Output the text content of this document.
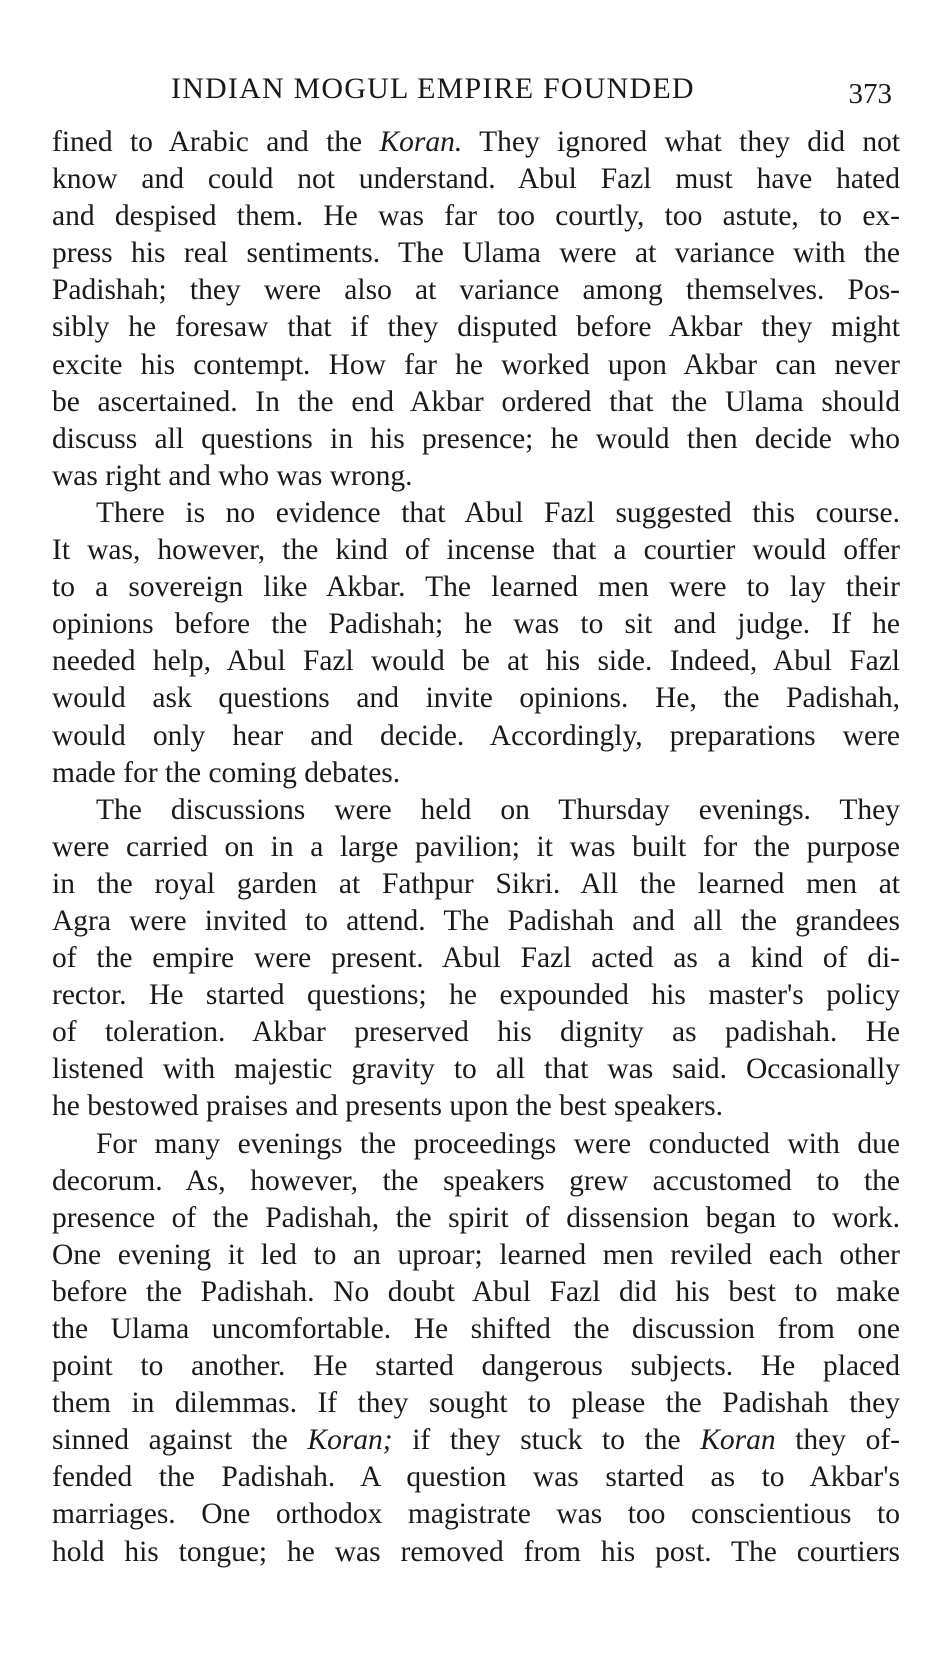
INDIAN MOGUL EMPIRE FOUNDED	373
fined to Arabic and the Koran. They ignored what they did not
know and could not understand. Abul Fazl must have hated
and despised them. He was far too courtly, too astute, to ex-
press his real sentiments. The Ulama were at variance with the
Padishah; they were also at variance among themselves. Pos-
sibly he foresaw that if they disputed before Akbar they might
excite his contempt. How far he worked upon Akbar can never
be ascertained. In the end Akbar ordered that the Ulama should
discuss all questions in his presence; he would then decide who
was right and who was wrong.
There is no evidence that Abul Fazl suggested this course.
It was, however, the kind of incense that a courtier would offer
to a sovereign like Akbar. The learned men were to lay their
opinions before the Padishah; he was to sit and judge. If he
needed help, Abul Fazl would be at his side. Indeed, Abul Fazl
would ask questions and invite opinions. He, the Padishah,
would only hear and decide. Accordingly, preparations were
made for the coming debates.
The discussions were held on Thursday evenings. They
were carried on in a large pavilion; it was built for the purpose
in the royal garden at Fathpur Sikri. All the learned men at
Agra were invited to attend. The Padishah and all the grandees
of the empire were present. Abul Fazl acted as a kind of di-
rector. He started questions; he expounded his master's policy
of toleration. Akbar preserved his dignity as padishah. He
listened with majestic gravity to all that was said. Occasionally
he bestowed praises and presents upon the best speakers.
For many evenings the proceedings were conducted with due
decorum. As, however, the speakers grew accustomed to the
presence of the Padishah, the spirit of dissension began to work.
One evening it led to an uproar; learned men reviled each other
before the Padishah. No doubt Abul Fazl did his best to make
the Ulama uncomfortable. He shifted the discussion from one
point to another. He started dangerous subjects. He placed
them in dilemmas. If they sought to please the Padishah they
sinned against the Koran; if they stuck to the Koran they of-
fended the Padishah. A question was started as to Akbar's
marriages. One orthodox magistrate was too conscientious to
hold his tongue; he was removed from his post. The courtiers
